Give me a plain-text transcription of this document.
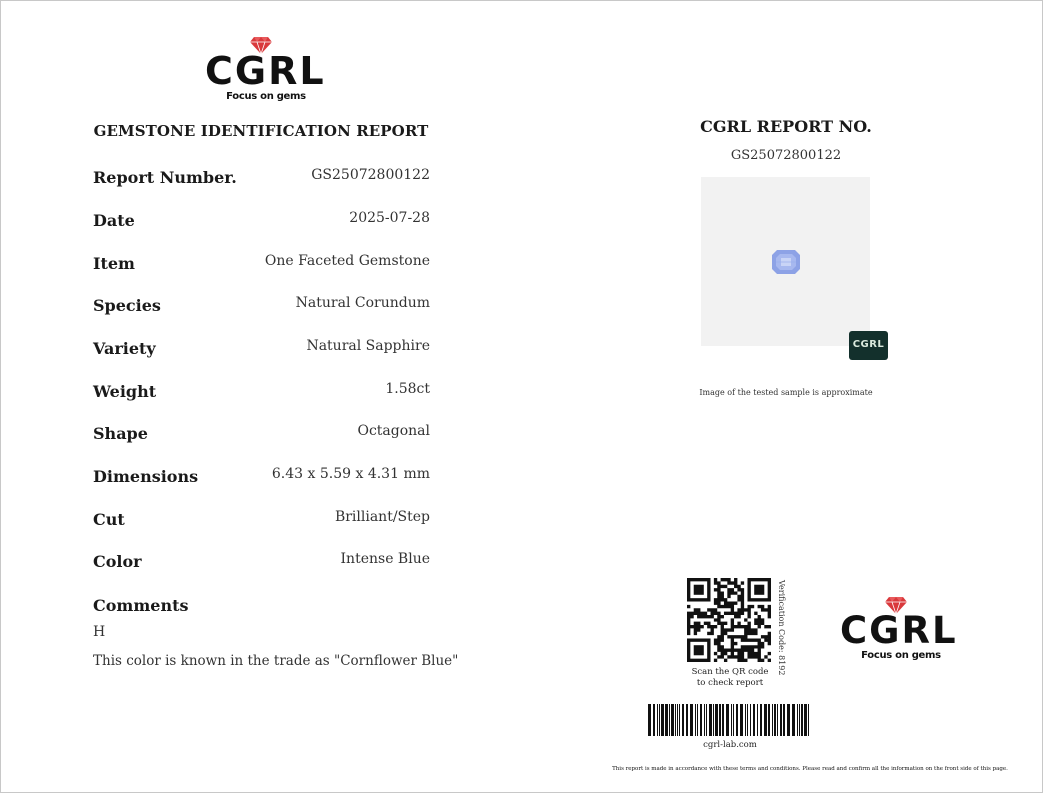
CGRL
Focus on gems
GEMSTONE IDENTIFICATION REPORT
Report Number.	GS25072800122
Date	2025-07-28
Item	One Faceted Gemstone
Species	Natural Corundum
Variety	Natural Sapphire
Weight	1.58ct
Shape	Octagonal
Dimensions	6.43 x 5.59 x 4.31 mm
Cut	Brilliant/Step
Color	Intense Blue
Comments
H
This color is known in the trade as "Cornflower Blue"
CGRL REPORT NO.
GS25072800122
CGRL
Image of the tested sample is approximate
Verification Code: 8192
Scan the QR code
to check report
CGRL
Focus on gems
cgrl-lab.com
This report is made in accordance with these terms and conditions. Please read and confirm all the information on the front side of this page.
